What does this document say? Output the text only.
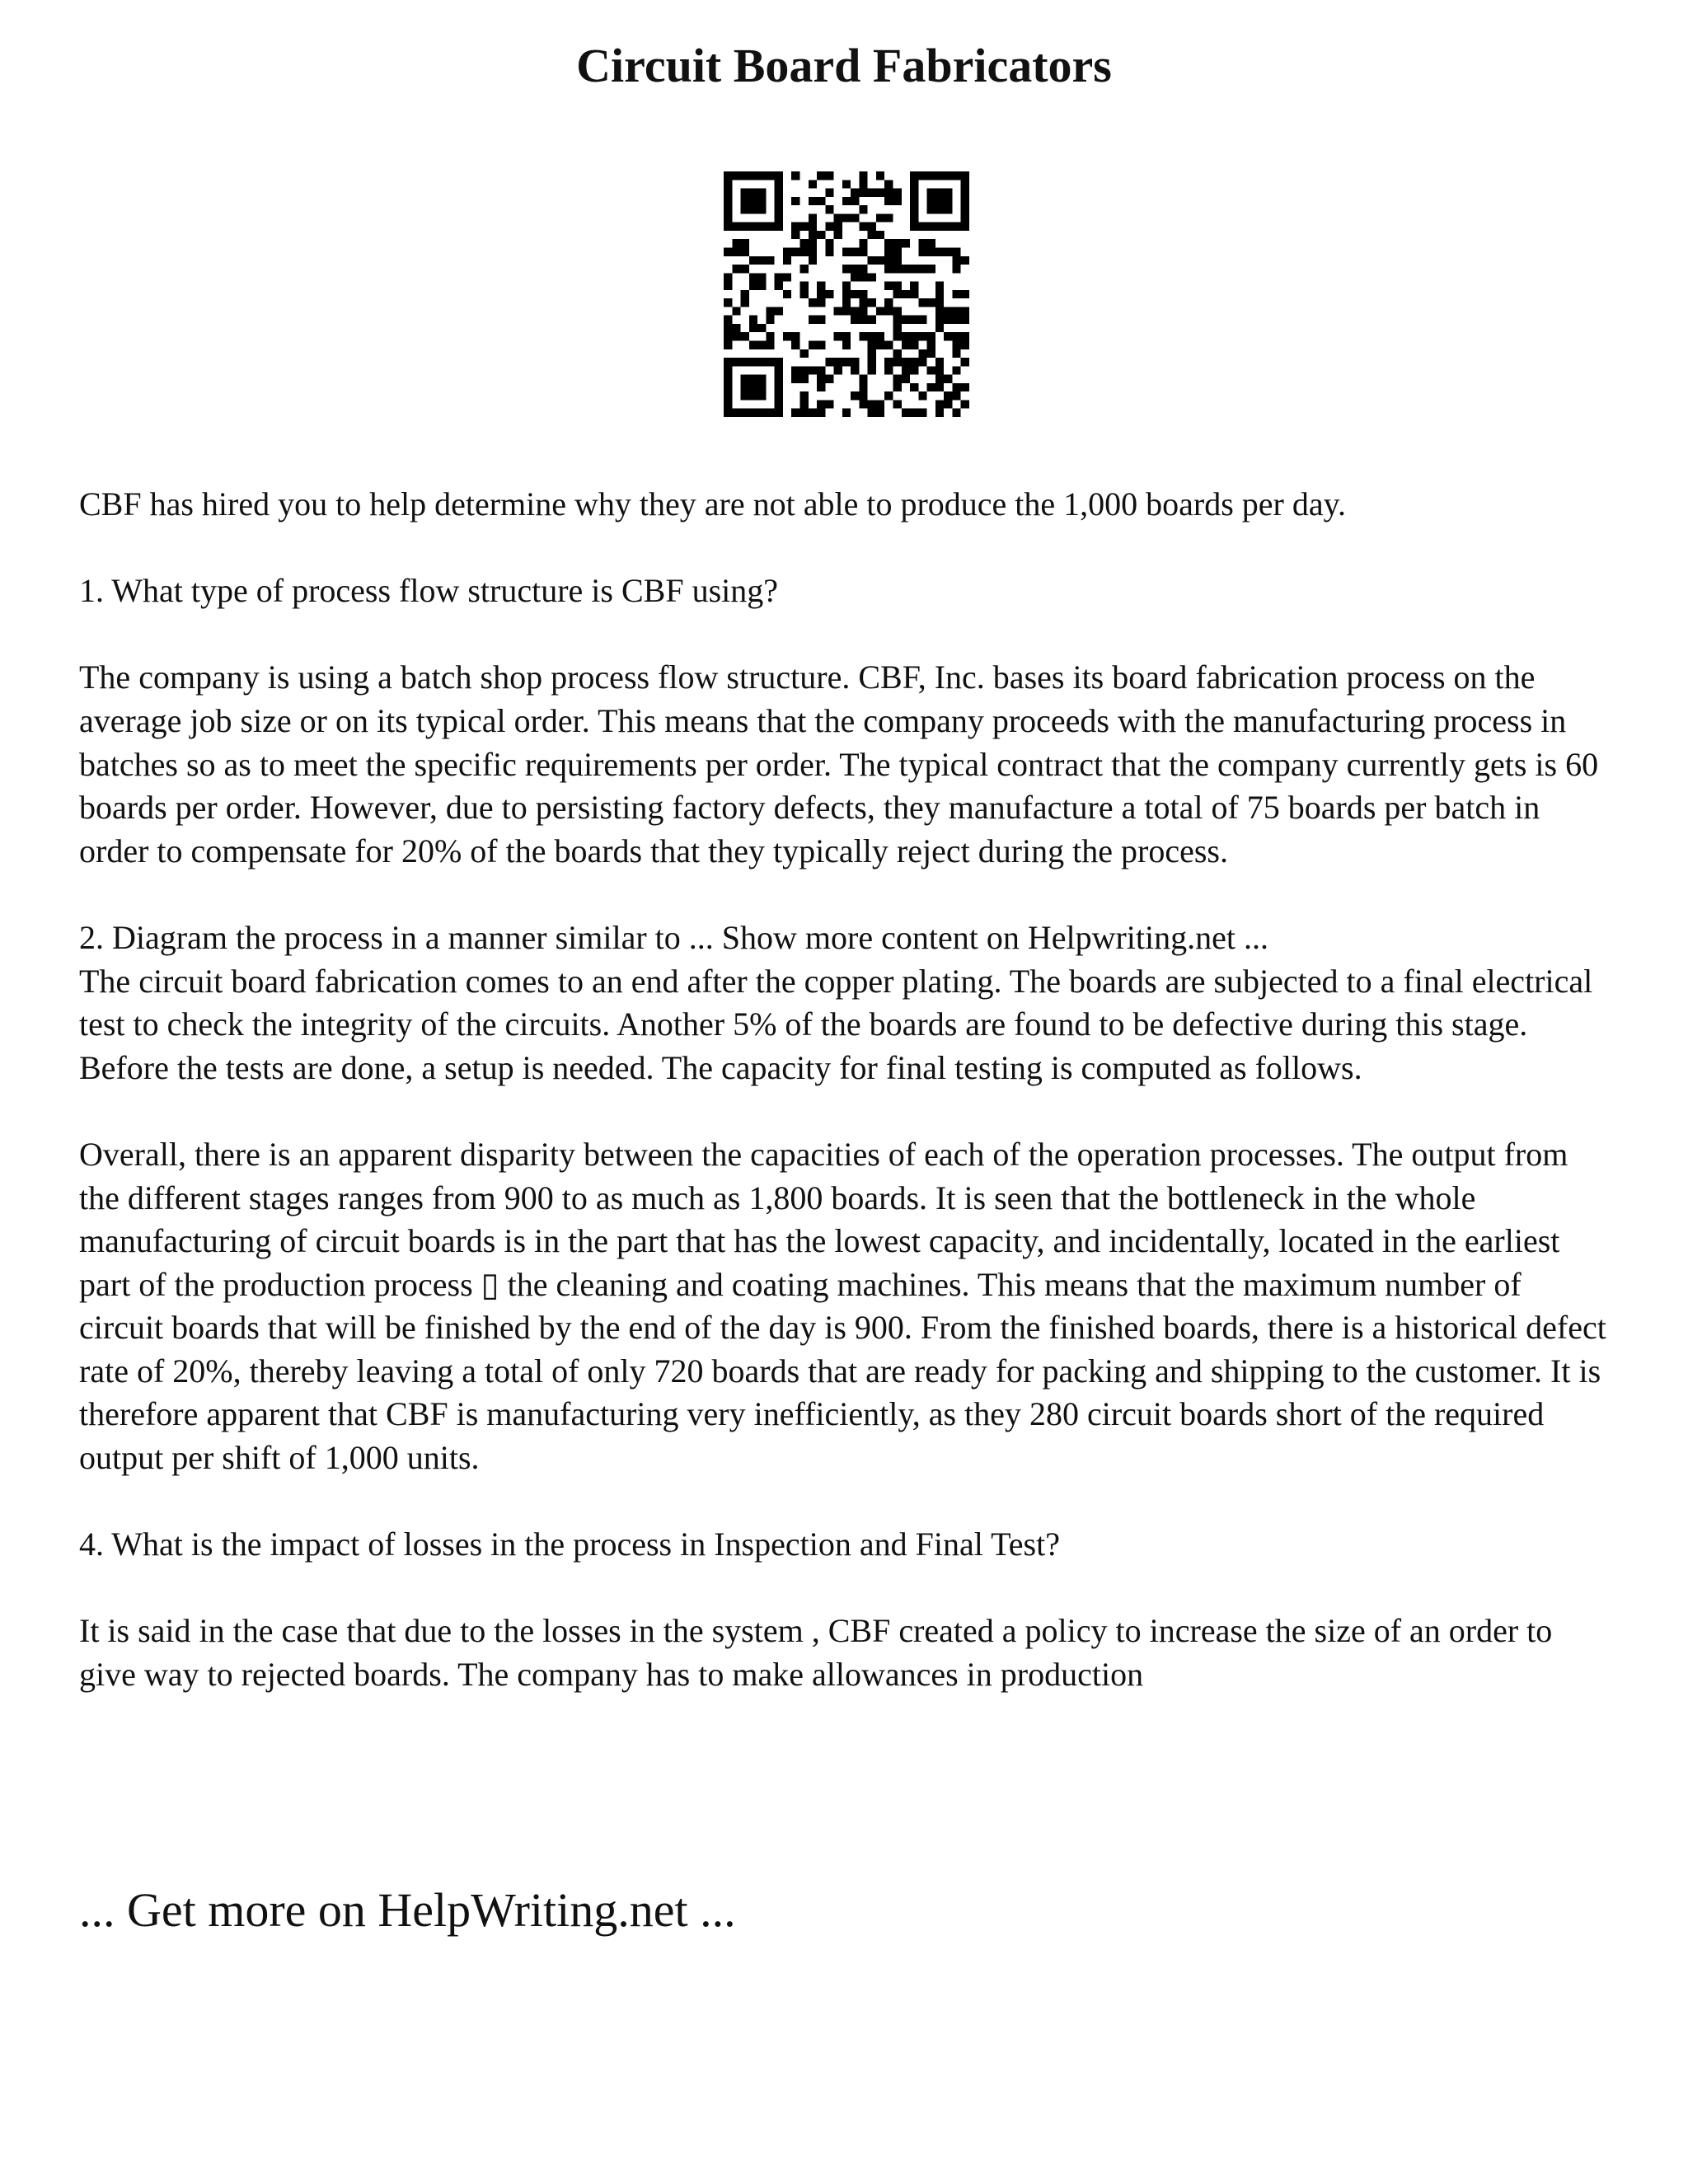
Circuit Board Fabricators

CBF has hired you to help determine why they are not able to produce the 1,000 boards per day.

1. What type of process flow structure is CBF using?

The company is using a batch shop process flow structure. CBF, Inc. bases its board fabrication process on the average job size or on its typical order. This means that the company proceeds with the manufacturing process in batches so as to meet the specific requirements per order. The typical contract that the company currently gets is 60 boards per order. However, due to persisting factory defects, they manufacture a total of 75 boards per batch in order to compensate for 20% of the boards that they typically reject during the process.

2. Diagram the process in a manner similar to ... Show more content on Helpwriting.net ...

The circuit board fabrication comes to an end after the copper plating. The boards are subjected to a final electrical test to check the integrity of the circuits. Another 5% of the boards are found to be defective during this stage. Before the tests are done, a setup is needed. The capacity for final testing is computed as follows.

Overall, there is an apparent disparity between the capacities of each of the operation processes. The output from the different stages ranges from 900 to as much as 1,800 boards. It is seen that the bottleneck in the whole manufacturing of circuit boards is in the part that has the lowest capacity, and incidentally, located in the earliest part of the production process ▯ the cleaning and coating machines. This means that the maximum number of circuit boards that will be finished by the end of the day is 900. From the finished boards, there is a historical defect rate of 20%, thereby leaving a total of only 720 boards that are ready for packing and shipping to the customer. It is therefore apparent that CBF is manufacturing very inefficiently, as they 280 circuit boards short of the required output per shift of 1,000 units.

4. What is the impact of losses in the process in Inspection and Final Test?

It is said in the case that due to the losses in the system , CBF created a policy to increase the size of an order to give way to rejected boards. The company has to make allowances in production

... Get more on HelpWriting.net ...
